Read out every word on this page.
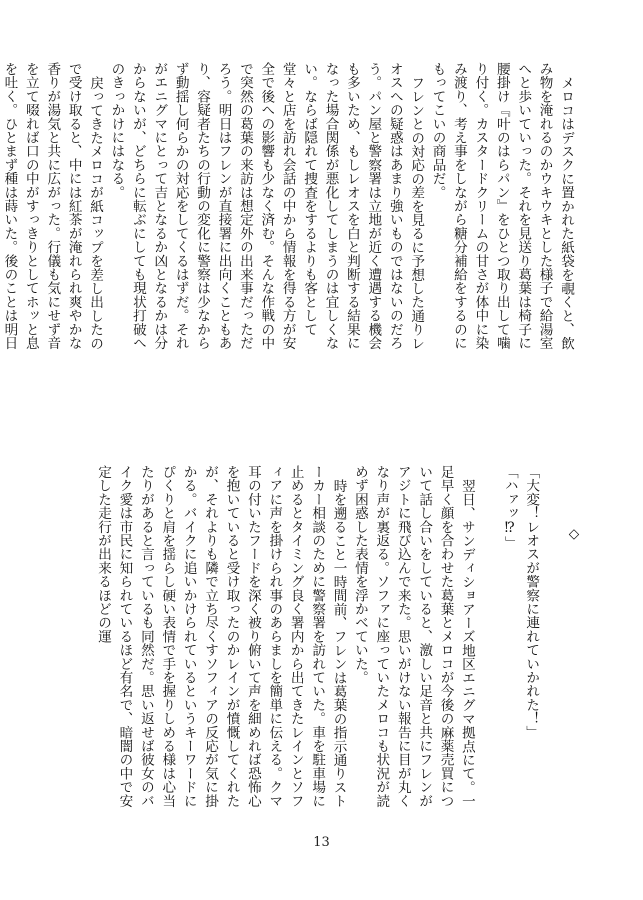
メロコはデスクに置かれた紙袋を覗くと、飲み物を淹れるのかウキウキとした様子で給湯室へと歩いていった。それを見送り葛葉は椅子に腰掛け『叶のはらパン』をひとつ取り出して噛り付く。カスタードクリームの甘さが体中に染み渡り、考え事をしながら糖分補給をするのにもってこいの商品だ。

フレンとの対応の差を見るに予想した通りレオスへの疑惑はあまり強いものではないのだろう。パン屋と警察署は立地が近く遭遇する機会も多いため、もしレオスを白と判断する結果になった場合関係が悪化してしまうのは宜しくない。ならば隠れて捜査をするよりも客として堂々と店を訪れ会話の中から情報を得る方が安全で後への影響も少なく済む。そんな作戦の中で突然の葛葉の来訪は想定外の出来事だっただろう。明日はフレンが直接署に出向くこともあり、容疑者たちの行動の変化に警察は少なからず動揺し何らかの対応をしてくるはずだ。それがエニグマにとって吉となるか凶となるかは分からないが、どちらに転ぶにしても現状打破へのきっかけにはなる。

戻ってきたメロコが紙コップを差し出したので受け取ると、中には紅茶が淹れられ爽やかな香りが湯気と共に広がった。行儀も気にせず音を立て啜れば口の中がすっきりとしてホッと息を吐く。ひとまず種は蒔いた。後のことは明日

◇

「大変！レオスが警察に連れていかれた！」

「ハァッ⁉」

翌日、サンディショアーズ地区エニグマ拠点にて。一足早く顔を合わせた葛葉とメロコが今後の麻薬売買について話し合いをしていると、激しい足音と共にフレンがアジトに飛び込んで来た。思いがけない報告に目が丸くなり声が裏返る。ソファに座っていたメロコも状況が読めず困惑した表情を浮かべていた。

時を遡ること一時間前、フレンは葛葉の指示通りストーカー相談のために警察署を訪れていた。車を駐車場に止めるとタイミング良く署内から出てきたレインとソフィアに声を掛けられ事のあらましを簡単に伝える。クマ耳の付いたフードを深く被り俯いて声を細めれば恐怖心を抱いていると受け取ったのかレインが憤慨してくれたが、それよりも隣で立ち尽くすソフィアの反応が気に掛かる。バイクに追いかけられているというキーワードにぴくりと肩を揺らし硬い表情で手を握りしめる様は心当たりがあると言っているも同然だ。思い返せば彼女のバイク愛は市民に知られているほど有名で、暗闇の中で安定した走行が出来るほどの運

13
